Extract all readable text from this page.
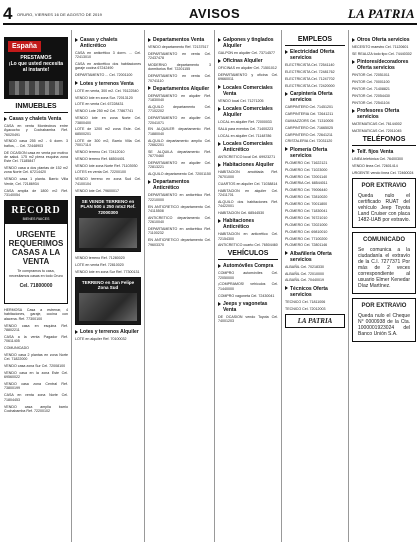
4 ORURO, VIERNES 16 DE AGOSTO DE 2019	AVISOS	LA PATRIA
España
PRESTAMOS
¡Lo que usted necesita
al instante!
INMUEBLES
Casas y chalets Venta

CASA en venta Montecinos entre Ayacucho y Cochabamba Ref. 76020491

VENDO casa 255 m2 - 6 dorm. 3 baños, ... Cel. 72448903

DE OCASION casa en venta por motivo de salud. 175 m2 plena esquina zona Este Cel. 71185847

VENDO casa a dos plantas de 152 m2 zona Norte Cel. 67214420

VENDO casa 1 planta. Barrio Villa Verde, Cel. 72186934

CASA amplia de 1800 m2 Ref. 73140054

RECORD
BIENES RAICES
URGENTE REQUERIMOS CASAS A LA VENTA
Te compramos tu casa, necesitamos casas en todo Oruro
Cel. 71800000

HERMOSA Casa a estrenar, 4 habitaciones, garaje, cocina con alacena. Ref. 77300100

VENDO casa en esquina Ref. 78802211

CASA a la venta Pagador Ref. 70611405

COMUNICADO

VENDO casa 2 plantas en zona Norte Cel. 71822000

VENDO casa zona Sur Cel. 72008100

VENDO casa en la zona Este Cel. 69560022

VENDO casa zona Central Ref. 73800199

CASA en venta zona Norte Cel. 71804453

VENDO casa amplia barrio Cochabamba Ref. 72200102

Casas y chalets Anticrético

CASA en anticrético 3 dorm. ... Cel. 72413010

CASA en anticrético dos habitaciones garaje cocina 67242490

DEPARTAMENTO ... Cel. 72001100

Lotes y terrenos Venta

LOTE en venta, 300 m2. Cel. 76122540

VENDO lote en zona Sur. 72013120

LOTE en venta Cel. 67228431

VENDO Lote 250 m2 Cel. 77867741

VENDO lote en zona Norte Cel. 73800400

LOTE de 1200 m2 zona Este. Cel. 68500201

LOTE de 300 m2, Barrio Villa Cel. 70017114

VENDO terreno Cel. 72412010

VENDO terreno Ref. 68504401

VENDO lote zona Norte Ref. 71103930

LOTES en venta Cel. 72200100

VENDO terreno en zona Sud Cel. 74100104

VENDO lote Cel. 79600017

SE VENDE TERRENO en PLAN 500 x 250 mts2 Ref. 72000300

VENDO terreno Ref. 71280020

LOTE en venta Ref. 72810020

VENDO lote en zona Sur Ref. 77300131

TERRENO en San Felipe Zona Sud
Lotes y terrenos Alquiler

LOTE en alquiler Ref. 70100032

Departamentos Venta

VENDO departamento Ref. 72137517

DEPARTAMENTO en venta Cel. 72437478

MODERNO departamento 3 dormitorios Ref. 72201155

DEPARTAMENTO en venta Cel. 70741110

Departamentos Alquiler

DEPARTAMENTO en alquiler Ref. 71830040

ALQUILO departamento Cel. 77102202

DEPARTAMENTO en alquiler Cel. 72041071

EN ALQUILER departamento Ref. 71880040

ALQUILO departamento amplio Cel. 72662201

SE ALQUILA departamento Ref. 76770460

DEPARTAMENTO en alquiler Cel. 72813221

ALQUILO departamento Cel. 72001150

Departamentos Anticrético

DEPARTAMENTO en anticrético Ref. 72210000

EN ANTICRETICO departamento Cel. 74115508

ANTICRETICO departamento Cel. 72610040

DEPARTAMENTO en anticrético Ref. 71100232

EN ANTICRETICO departamento Cel. 79603370

Galpones y tinglados Alquiler

GALPON en alquiler Cel. 73714577

Oficinas Alquiler

OFICINAS en alquiler Cel. 71501012

DEPARTAMENTO y oficina Cel. 69660011

Locales Comerciales Venta

VENDO local Cel. 71271205

Locales Comerciales Alquiler

LOCAL en alquiler Ref. 72000033

SALA para eventos Cel. 71400223

LOCAL en alquiler Cel. 71148786

Locales Comerciales Anticrético

ANTICRETICO local Cel. 69923271

Habitaciones Alquiler

HABITACION amoblada Ref. 76701000

CUARTOS en alquiler Cel. 71038814

HABITACION en alquiler Cel. 72411701

ALQUILO dos habitaciones Ref. 74422001

HABITACION Cel. 68544530

Habitaciones Anticrético

HABITACION en anticrético Cel. 72154300

ANTICRETICO cuarto Cel. 76504460

VEHÍCULOS
Automóviles Compra

COMPRO automóviles Cel. 72050000

¡COMPRAMOS! vehículos Cel. 71440000

COMPRO vagoneta Cel. 72430041

Jeeps y vagonetas Venta

DE OCASION vendo Toyota Cel. 74001203

EMPLEOS
Electricidad Oferta servicios

ELECTRICISTA Cel. 72541140

ELECTRICISTA Cel. 72481762

ELECTRICISTA Cel. 71247702

ELECTRICISTA Cel. 72420000

Carpintería Oferta servicios

CARPINTERO Cel. 71451201

CARPINTERIA Cel. 72641211

GUIMAZZORS Cel. 71310005

CARPINTERO Cel. 71665025

CARPINTERO Cel. 72641211

CRISTALERIA Cel. 72031120

Plomería Oferta servicios

PLOMERO Cel. 71622121

PLOMERO Cel. 71023000

PLOMERO Cel. 72001140

PLOMERIA Cel. 68544011

PLOMERO Cel. 79006440

PLOMERO Cel. 72810020

PLOMERO Cel. 70011800

PLOMERO Cel. 71830041

PLOMERO Cel. 76721010

PLOMERO Cel. 72021000

PLOMERO Cel. 69810010

PLOMERO Cel. 77100200

PLOMERO Cel. 72801146

Albañilería Oferta servicios

ALBAÑIL Cel. 70218330

ALBAÑIL Cel. 72010000

ALBAÑIL Cel. 70440019

Técnicos Oferta servicios

TECNICO Cel. 71811006

TECNICO Cel. 72012003

LA PATRIA
Otros Oferta servicios

NECESITO maestro Cel. 71120601

SE REALIZA todo tipo Cel. 74440302

Pintores/decoradores Oferta servicios

PINTOR Cel. 72051011

PINTOR Cel. 70001100

PINTOR Cel. 71408821

PINTOR Cel. 72054430

PINTOR Cel. 72541104

Profesores Oferta servicios

MATEMATICAS Cel. 76144002

MATEMATICAS Cel. 72011045

TELÉFONOS
Telf. fijos Venta

LINEA telefónica Cel. 76400300

VENDO linea Cel. 72601414

URGENTE vendo línea Cel. 72460024

POR EXTRAVIO
Queda nulo el certificado RUAT del vehículo Jeep Toyota Land Cruiser con placa 1482-UAB por extravio.
COMUNICADO
Se comunica a la ciudadanía el extravío de la C.I. 7277371 Por más de 2 veces correspondiente al usuario Elmer Kenedar Díaz Martínez.
POR EXTRAVIO
Queda nulo el Cheque N° 0000938 de la Cta. 1000001923024 del Banco Unión S.A.
